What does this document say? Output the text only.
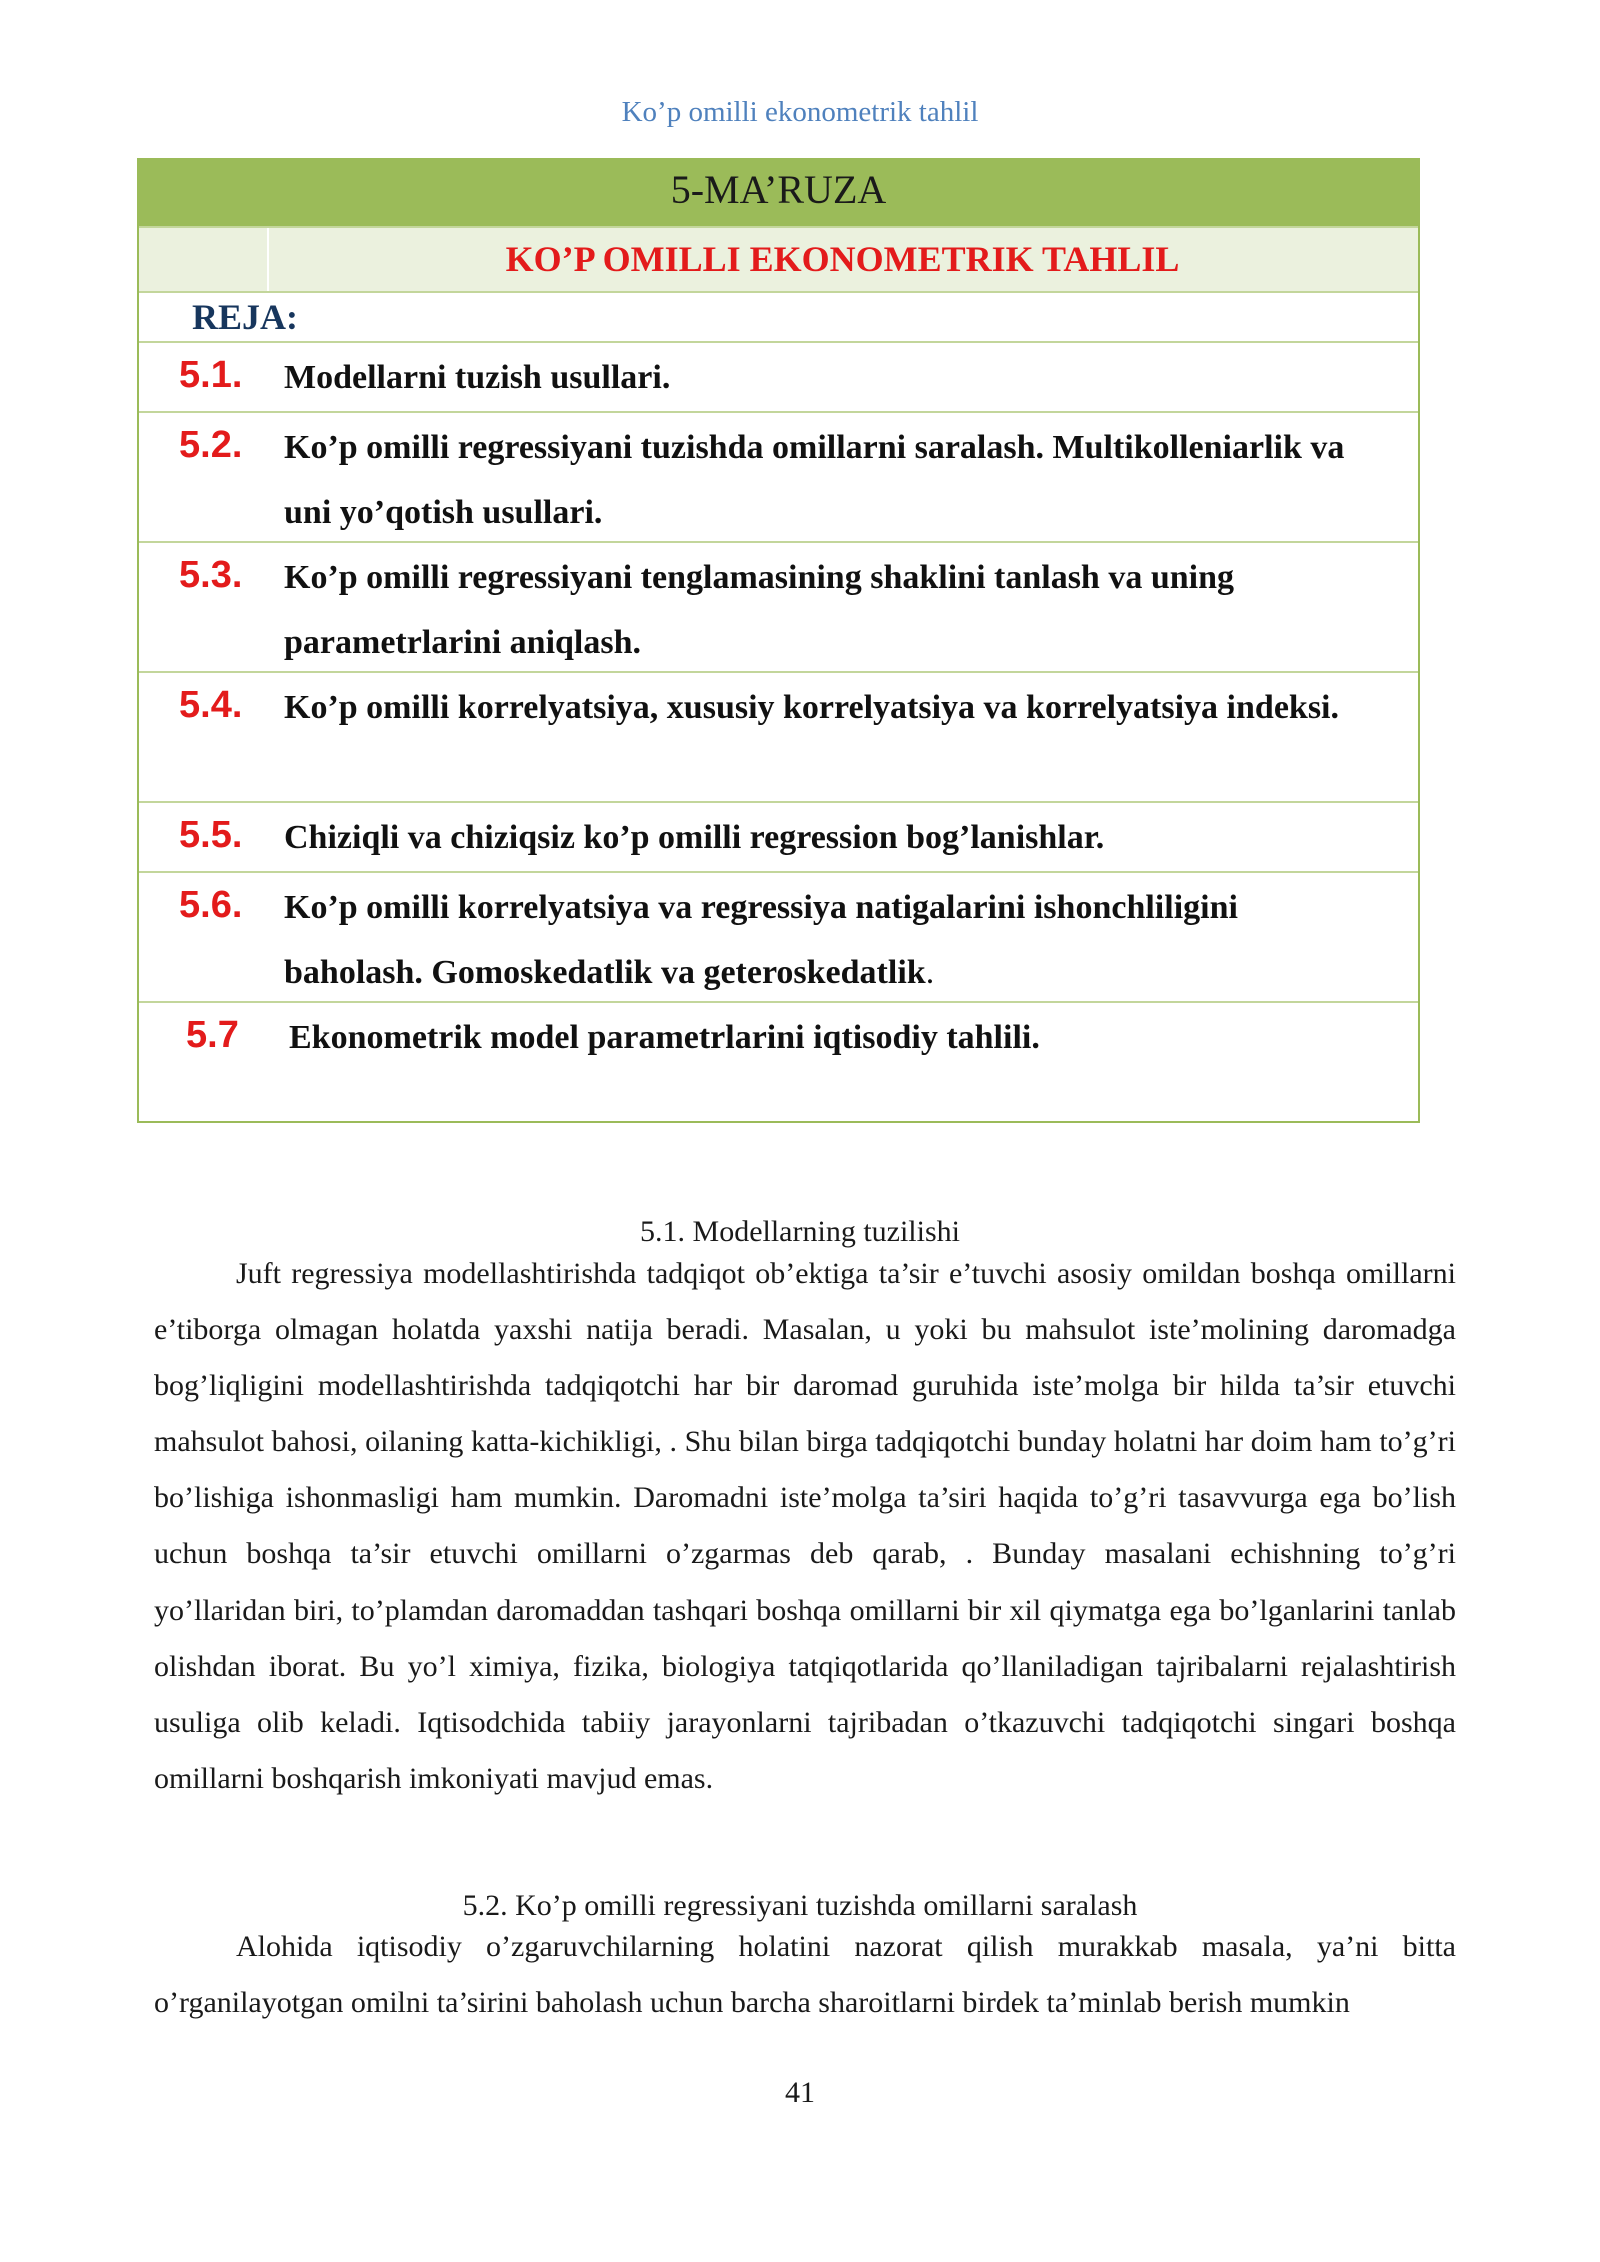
Ko’p omilli ekonometrik tahlil
5-MA’RUZA
KO’P OMILLI EKONOMETRIK TAHLIL
REJA:
5.1. Modellarni tuzish usullari.
5.2. Ko’p omilli regressiyani tuzishda omillarni saralash. Multikolleniarlik va uni yo’qotish usullari.
5.3. Ko’p omilli regressiyani tenglamasining shaklini tanlash va uning parametrlarini aniqlash.
5.4. Ko’p omilli korrelyatsiya, xususiy korrelyatsiya va korrelyatsiya indeksi.
5.5. Chiziqli va chiziqsiz ko’p omilli regression bog’lanishlar.
5.6. Ko’p omilli korrelyatsiya va regressiya natigalarini ishonchliligini baholash. Gomoskedatlik va geteroskedatlik.
5.7 Ekonometrik model parametrlarini iqtisodiy tahlili.
5.1. Modellarning tuzilishi

Juft regressiya modellashtirishda tadqiqot ob’ektiga ta’sir e’tuvchi asosiy omildan boshqa omillarni e’tiborga olmagan holatda yaxshi natija beradi. Masalan, u yoki bu mahsulot iste’molining daromadga bog’liqligini modellashtirishda tadqiqotchi har bir daromad guruhida iste’molga bir hilda ta’sir etuvchi mahsulot bahosi, oilaning katta-kichikligi, . Shu bilan birga tadqiqotchi bunday holatni har doim ham to’g’ri bo’lishiga ishonmasligi ham mumkin. Daromadni iste’molga ta’siri haqida to’g’ri tasavvurga ega bo’lish uchun boshqa ta’sir etuvchi omillarni o’zgarmas deb qarab, . Bunday masalani echishning to’g’ri yo’llaridan biri, to’plamdan daromaddan tashqari boshqa omillarni bir xil qiymatga ega bo’lganlarini tanlab olishdan iborat. Bu yo’l ximiya, fizika, biologiya tatqiqotlarida qo’llaniladigan tajribalarni rejalashtirish usuliga olib keladi. Iqtisodchida tabiiy jarayonlarni tajribadan o’tkazuvchi tadqiqotchi singari boshqa omillarni boshqarish imkoniyati mavjud emas.

5.2. Ko’p omilli regressiyani tuzishda omillarni saralash

Alohida iqtisodiy o’zgaruvchilarning holatini nazorat qilish murakkab masala, ya’ni bitta o’rganilayotgan omilni ta’sirini baholash uchun barcha sharoitlarni birdek ta’minlab berish mumkin

41
